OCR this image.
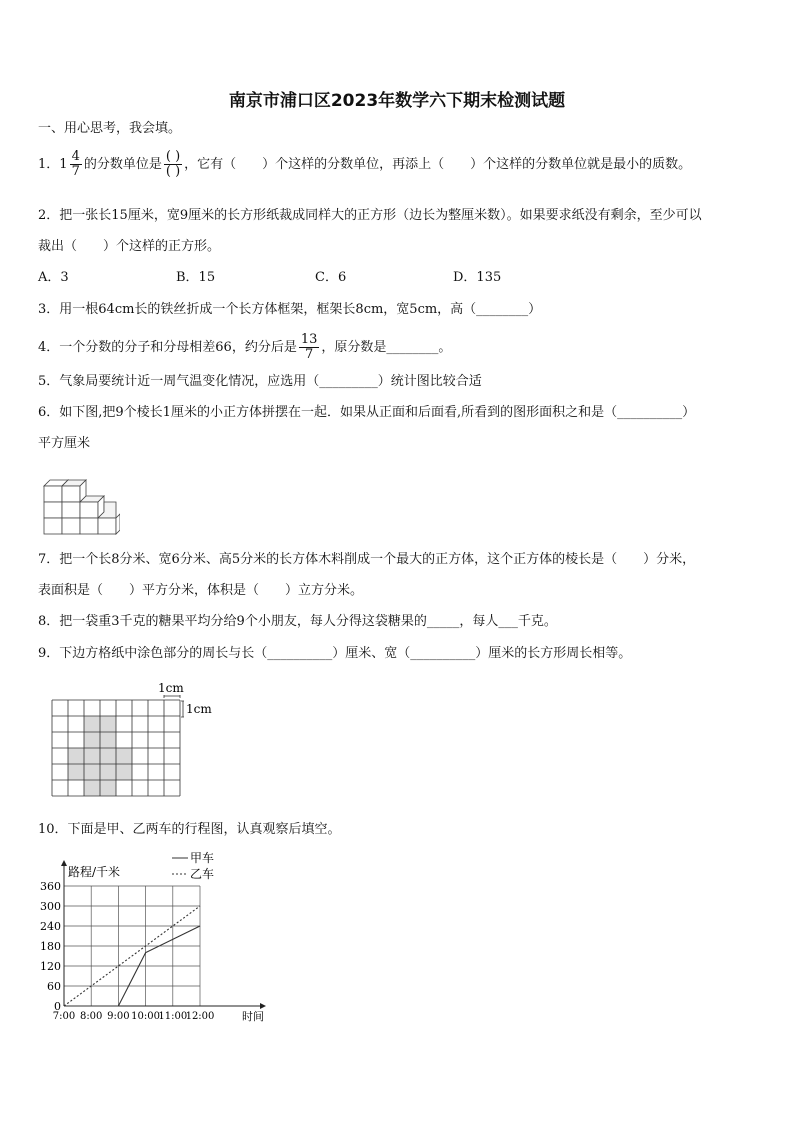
南京市浦口区2023年数学六下期末检测试题
一、用心思考，我会填。
1．$1 \frac{4}{7}$ 的分数单位是 $\frac{( )}{( )}$ ，它有（　　）个这样的分数单位，再添上（　　）个这样的分数单位就是最小的质数。
2．把一张长15厘米，宽9厘米的长方形纸裁成同样大的正方形（边长为整厘米数）。如果要求纸没有剩余，至少可以
裁出（　　）个这样的正方形。
A．3	B．15	C．6	D．135
3．用一根64cm长的铁丝折成一个长方体框架，框架长8cm，宽5cm，高（________）
4．一个分数的分子和分母相差66，约分后是 $\frac{13}{7}$ ，原分数是________。
5．气象局要统计近一周气温变化情况，应选用（_________）统计图比较合适
6．如下图,把9个棱长1厘米的小正方体拼摆在一起．如果从正面和后面看,所看到的图形面积之和是（__________）
平方厘米
7．把一个长8分米、宽6分米、高5分米的长方体木料削成一个最大的正方体，这个正方体的棱长是（　　）分米，
表面积是（　　）平方分米，体积是（　　）立方分米。
8．把一袋重3千克的糖果平均分给9个小朋友，每人分得这袋糖果的_____，每人___千克。
9．下边方格纸中涂色部分的周长与长（__________）厘米、宽（__________）厘米的长方形周长相等。
1cm
1cm
10．下面是甲、乙两车的行程图，认真观察后填空。
0
60
120
180
240
300
360
7:00 8:00 9:00 10:00
11:00
12:00
路程/千米
时间
甲车
乙车
